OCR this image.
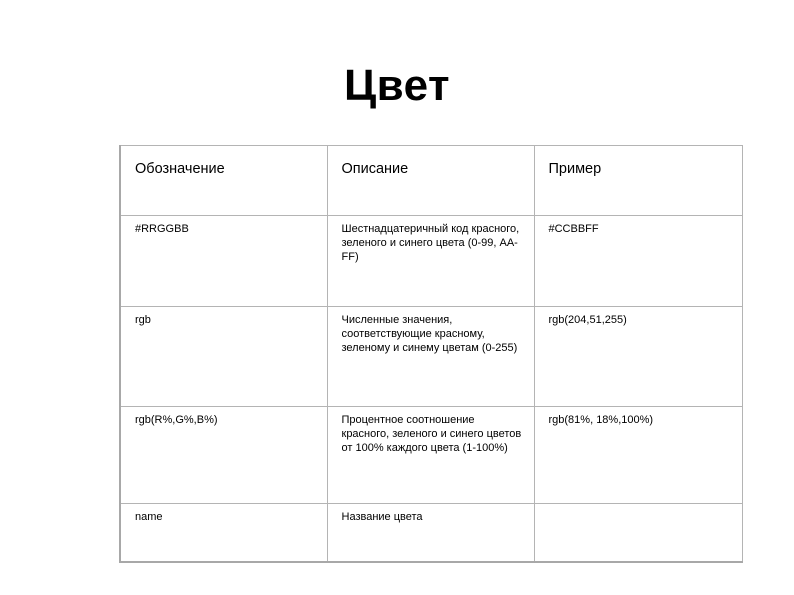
Цвет
Обозначение	Описание	Пример
#RRGGBB	Шестнадцатеричный код красного, зеленого и синего цвета (0-99, AA-FF)	#CCBBFF
rgb	Численные значения, соответствующие красному, зеленому и синему цветам (0-255)	rgb(204,51,255)
rgb(R%,G%,B%)	Процентное соотношение красного, зеленого и синего цветов от 100% каждого цвета (1-100%)	rgb(81%, 18%,100%)
name	Название цвета	
